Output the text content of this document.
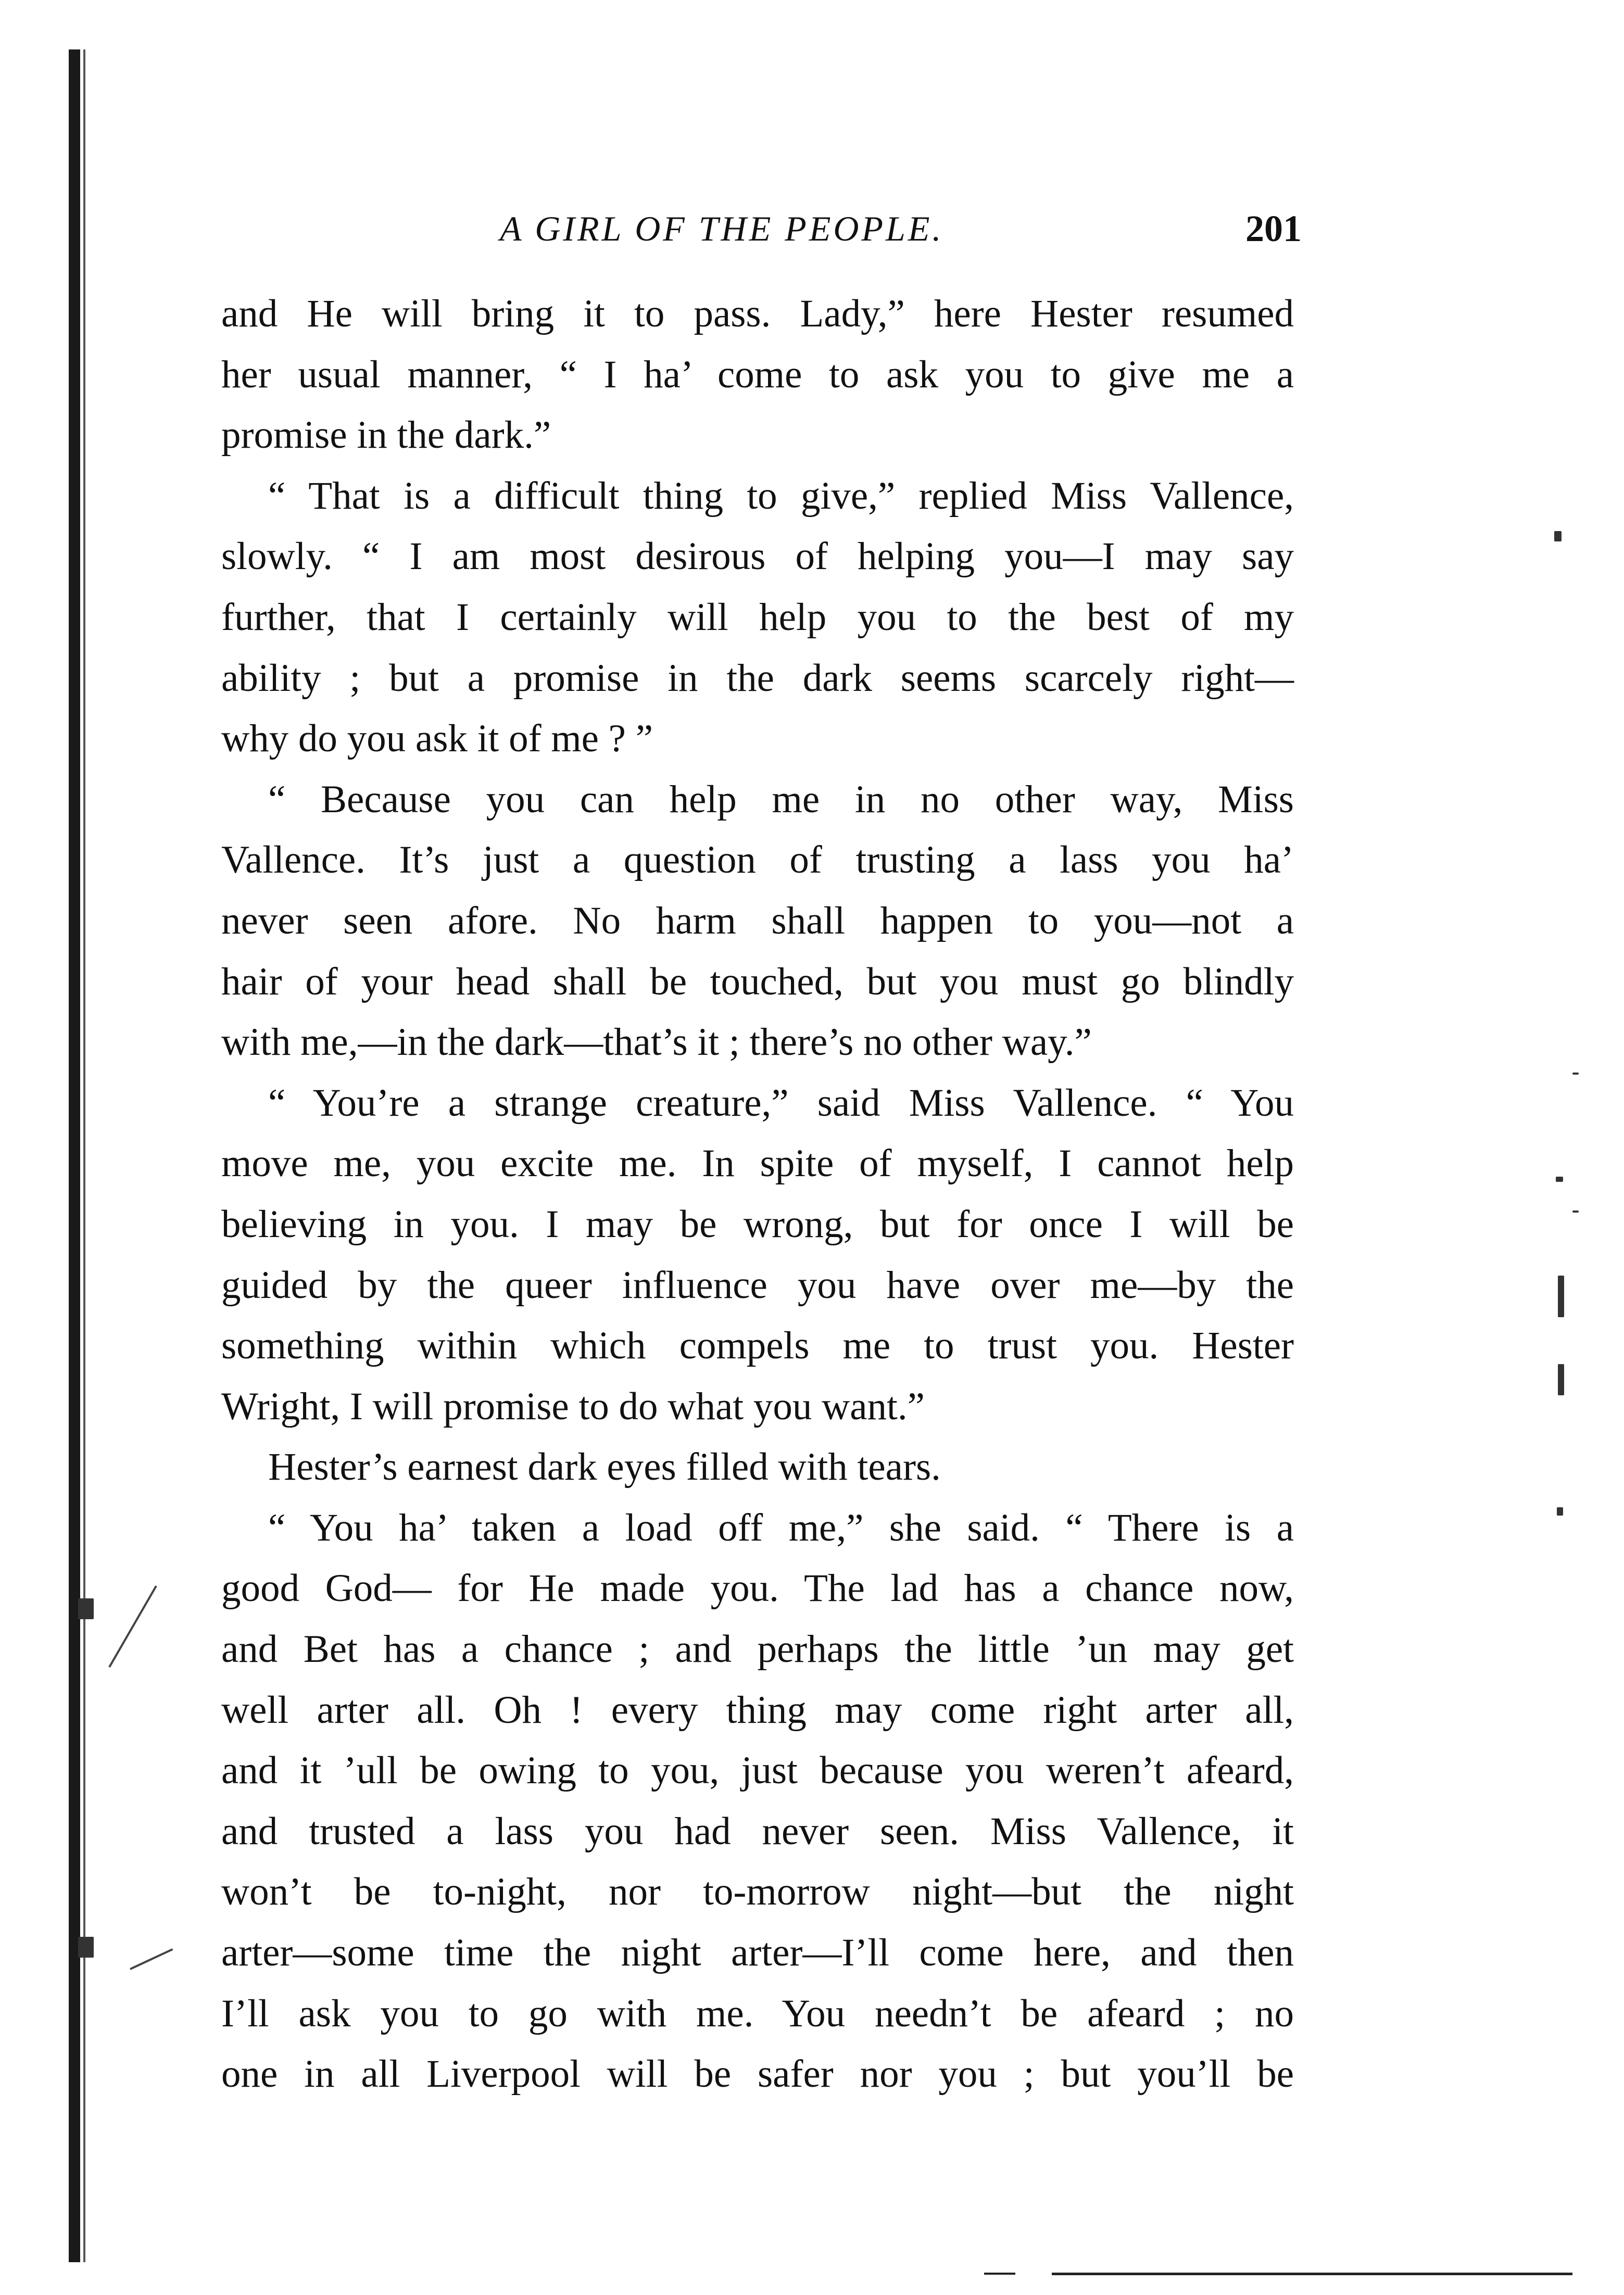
A GIRL OF THE PEOPLE.	201

and He will bring it to pass. Lady,” here Hester resumed

her usual manner, “ I ha’ come to ask you to give me a

promise in the dark.”

“ That is a difficult thing to give,” replied Miss Vallence,

slowly. “ I am most desirous of helping you—I may say

further, that I certainly will help you to the best of my

ability ; but a promise in the dark seems scarcely right—

why do you ask it of me ? ”

“ Because you can help me in no other way, Miss

Vallence. It’s just a question of trusting a lass you ha’

never seen afore. No harm shall happen to you—not a

hair of your head shall be touched, but you must go blindly

with me,—in the dark—that’s it ; there’s no other way.”

“ You’re a strange creature,” said Miss Vallence. “ You

move me, you excite me. In spite of myself, I cannot help

believing in you. I may be wrong, but for once I will be

guided by the queer influence you have over me—by the

something within which compels me to trust you. Hester

Wright, I will promise to do what you want.”

Hester’s earnest dark eyes filled with tears.

“ You ha’ taken a load off me,” she said. “ There is a

good God— for He made you. The lad has a chance now,

and Bet has a chance ; and perhaps the little ’un may get

well arter all. Oh ! every thing may come right arter all,

and it ’ull be owing to you, just because you weren’t afeard,

and trusted a lass you had never seen. Miss Vallence, it

won’t be to-night, nor to-morrow night—but the night

arter—some time the night arter—I’ll come here, and then

I’ll ask you to go with me. You needn’t be afeard ; no

one in all Liverpool will be safer nor you ; but you’ll be
